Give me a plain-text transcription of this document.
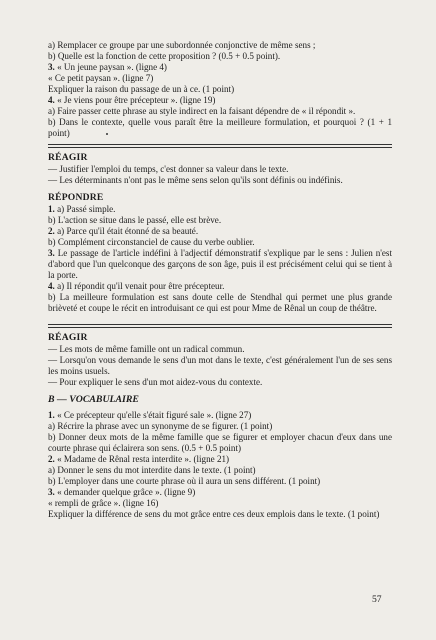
a) Remplacer ce groupe par une subordonnée conjonctive de même sens ;

b) Quelle est la fonction de cette proposition ? (0.5 + 0.5 point).

3. « Un jeune paysan ». (ligne 4)

« Ce petit paysan ». (ligne 7)

Expliquer la raison du passage de un à ce. (1 point)

4. « Je viens pour être précepteur ». (ligne 19)

a) Faire passer cette phrase au style indirect en la faisant dépendre de « il répondit ».

b) Dans le contexte, quelle vous paraît être la meilleure formulation, et pourquoi ? (1 + 1 point)

RÉAGIR

— Justifier l'emploi du temps, c'est donner sa valeur dans le texte.

— Les déterminants n'ont pas le même sens selon qu'ils sont définis ou indéfinis.

RÉPONDRE

1. a) Passé simple.

b) L'action se situe dans le passé, elle est brève.

2. a) Parce qu'il était étonné de sa beauté.

b) Complément circonstanciel de cause du verbe oublier.

3. Le passage de l'article indéfini à l'adjectif démonstratif s'explique par le sens : Julien n'est d'abord que l'un quelconque des garçons de son âge, puis il est précisément celui qui se tient à la porte.

4. a) Il répondit qu'il venait pour être précepteur.

b) La meilleure formulation est sans doute celle de Stendhal qui permet une plus grande brièveté et coupe le récit en introduisant ce qui est pour Mme de Rênal un coup de théâtre.

RÉAGIR

— Les mots de même famille ont un radical commun.

— Lorsqu'on vous demande le sens d'un mot dans le texte, c'est généralement l'un de ses sens les moins usuels.

— Pour expliquer le sens d'un mot aidez-vous du contexte.

B — VOCABULAIRE

1. « Ce précepteur qu'elle s'était figuré sale ». (ligne 27)

a) Récrire la phrase avec un synonyme de se figurer. (1 point)

b) Donner deux mots de la même famille que se figurer et employer chacun d'eux dans une courte phrase qui éclairera son sens. (0.5 + 0.5 point)

2. « Madame de Rênal resta interdite ». (ligne 21)

a) Donner le sens du mot interdite dans le texte. (1 point)

b) L'employer dans une courte phrase où il aura un sens différent. (1 point)

3. « demander quelque grâce ». (ligne 9)

« rempli de grâce ». (ligne 16)

Expliquer la différence de sens du mot grâce entre ces deux emplois dans le texte. (1 point)

57
